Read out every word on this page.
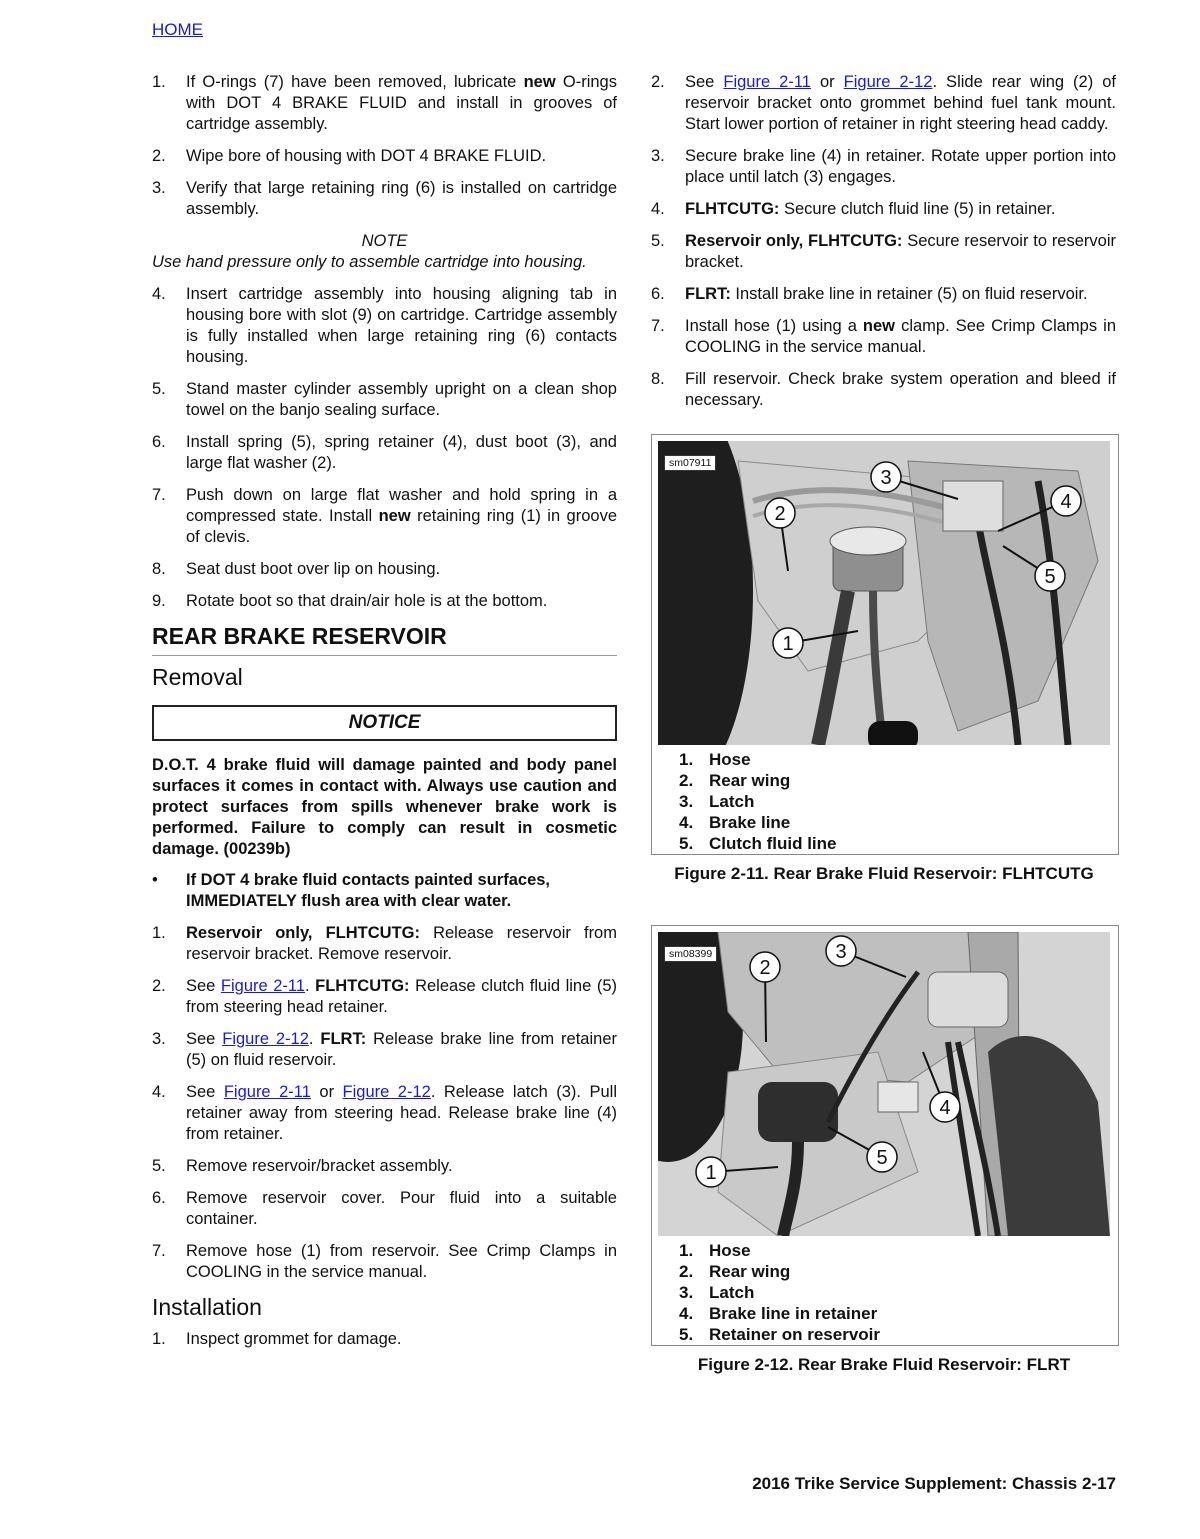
HOME
1. If O-rings (7) have been removed, lubricate new O-rings with DOT 4 BRAKE FLUID and install in grooves of cartridge assembly.
2. Wipe bore of housing with DOT 4 BRAKE FLUID.
3. Verify that large retaining ring (6) is installed on cartridge assembly.
NOTE
Use hand pressure only to assemble cartridge into housing.
4. Insert cartridge assembly into housing aligning tab in housing bore with slot (9) on cartridge. Cartridge assembly is fully installed when large retaining ring (6) contacts housing.
5. Stand master cylinder assembly upright on a clean shop towel on the banjo sealing surface.
6. Install spring (5), spring retainer (4), dust boot (3), and large flat washer (2).
7. Push down on large flat washer and hold spring in a compressed state. Install new retaining ring (1) in groove of clevis.
8. Seat dust boot over lip on housing.
9. Rotate boot so that drain/air hole is at the bottom.
REAR BRAKE RESERVOIR
Removal
NOTICE
D.O.T. 4 brake fluid will damage painted and body panel surfaces it comes in contact with. Always use caution and protect surfaces from spills whenever brake work is performed. Failure to comply can result in cosmetic damage. (00239b)
• If DOT 4 brake fluid contacts painted surfaces, IMMEDIATELY flush area with clear water.
1. Reservoir only, FLHTCUTG: Release reservoir from reservoir bracket. Remove reservoir.
2. See Figure 2-11. FLHTCUTG: Release clutch fluid line (5) from steering head retainer.
3. See Figure 2-12. FLRT: Release brake line from retainer (5) on fluid reservoir.
4. See Figure 2-11 or Figure 2-12. Release latch (3). Pull retainer away from steering head. Release brake line (4) from retainer.
5. Remove reservoir/bracket assembly.
6. Remove reservoir cover. Pour fluid into a suitable container.
7. Remove hose (1) from reservoir. See Crimp Clamps in COOLING in the service manual.
Installation
1. Inspect grommet for damage.
2. See Figure 2-11 or Figure 2-12. Slide rear wing (2) of reservoir bracket onto grommet behind fuel tank mount. Start lower portion of retainer in right steering head caddy.
3. Secure brake line (4) in retainer. Rotate upper portion into place until latch (3) engages.
4. FLHTCUTG: Secure clutch fluid line (5) in retainer.
5. Reservoir only, FLHTCUTG: Secure reservoir to reservoir bracket.
6. FLRT: Install brake line in retainer (5) on fluid reservoir.
7. Install hose (1) using a new clamp. See Crimp Clamps in COOLING in the service manual.
8. Fill reservoir. Check brake system operation and bleed if necessary.
1
2
3
4
5
sm07911
1. Hose
2. Rear wing
3. Latch
4. Brake line
5. Clutch fluid line
Figure 2-11. Rear Brake Fluid Reservoir: FLHTCUTG
1
2
3
4
5
sm08399
1. Hose
2. Rear wing
3. Latch
4. Brake line in retainer
5. Retainer on reservoir
Figure 2-12. Rear Brake Fluid Reservoir: FLRT
2016 Trike Service Supplement: Chassis 2-17
